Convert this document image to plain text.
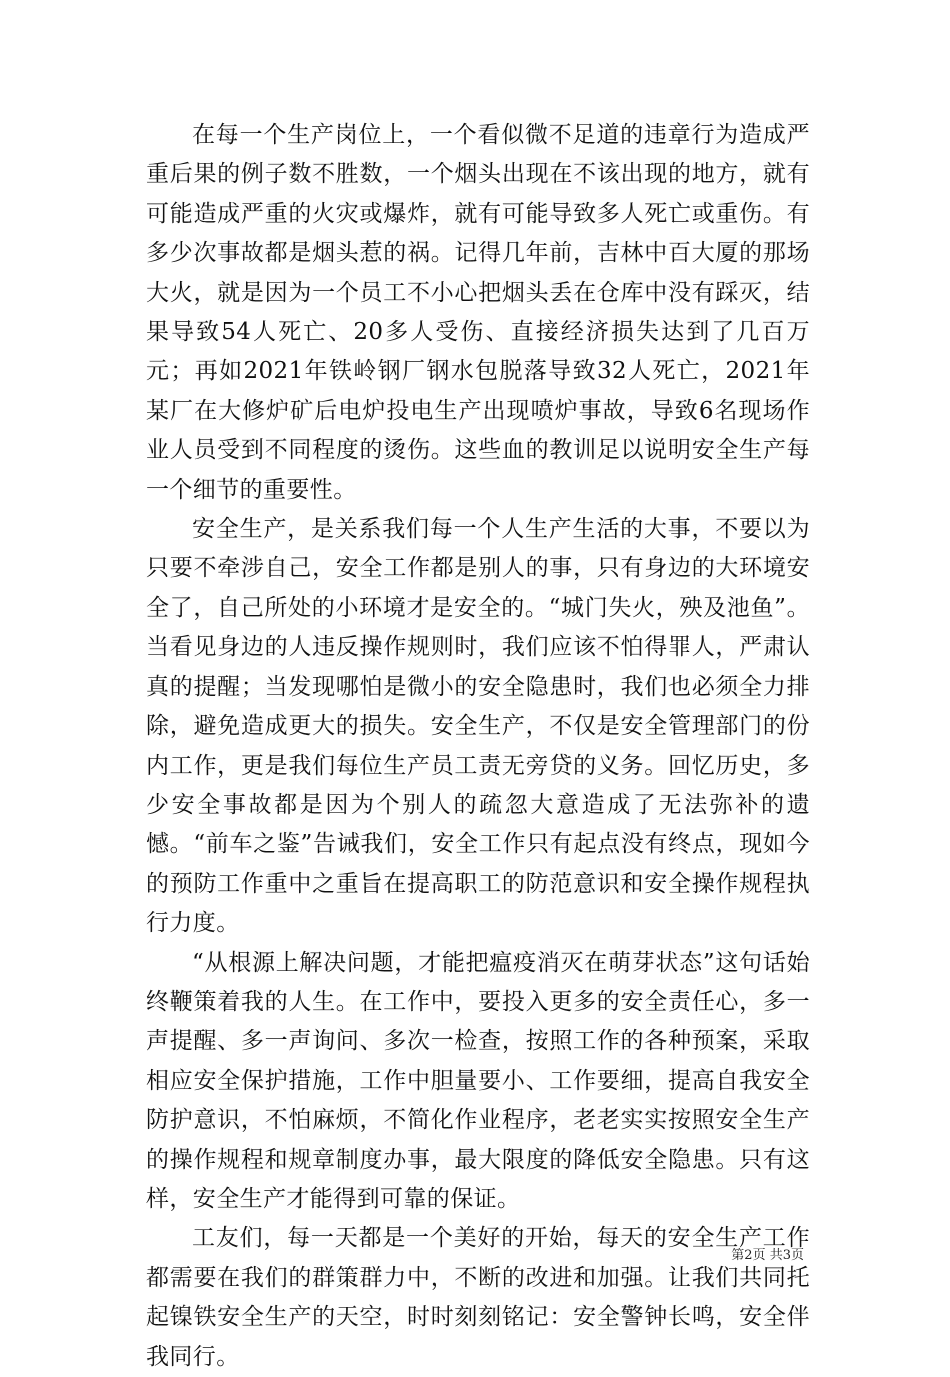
在每一个生产岗位上，一个看似微不足道的违章行为造成严重后果的例子数不胜数，一个烟头出现在不该出现的地方，就有可能造成严重的火灾或爆炸，就有可能导致多人死亡或重伤。有多少次事故都是烟头惹的祸。记得几年前，吉林中百大厦的那场大火，就是因为一个员工不小心把烟头丢在仓库中没有踩灭，结果导致54人死亡、20多人受伤、直接经济损失达到了几百万元；再如2021年铁岭钢厂钢水包脱落导致32人死亡，2021年某厂在大修炉矿后电炉投电生产出现喷炉事故，导致6名现场作业人员受到不同程度的烫伤。这些血的教训足以说明安全生产每一个细节的重要性。

安全生产，是关系我们每一个人生产生活的大事，不要以为只要不牵涉自己，安全工作都是别人的事，只有身边的大环境安全了，自己所处的小环境才是安全的。“城门失火，殃及池鱼”。当看见身边的人违反操作规则时，我们应该不怕得罪人，严肃认真的提醒；当发现哪怕是微小的安全隐患时，我们也必须全力排除，避免造成更大的损失。安全生产，不仅是安全管理部门的份内工作，更是我们每位生产员工责无旁贷的义务。回忆历史，多少安全事故都是因为个别人的疏忽大意造成了无法弥补的遗憾。“前车之鉴”告诫我们，安全工作只有起点没有终点，现如今的预防工作重中之重旨在提高职工的防范意识和安全操作规程执行力度。

“从根源上解决问题，才能把瘟疫消灭在萌芽状态”这句话始终鞭策着我的人生。在工作中，要投入更多的安全责任心，多一声提醒、多一声询问、多次一检查，按照工作的各种预案，采取相应安全保护措施，工作中胆量要小、工作要细，提高自我安全防护意识，不怕麻烦，不简化作业程序，老老实实按照安全生产的操作规程和规章制度办事，最大限度的降低安全隐患。只有这样，安全生产才能得到可靠的保证。

工友们，每一天都是一个美好的开始，每天的安全生产工作都需要在我们的群策群力中，不断的改进和加强。让我们共同托起镍铁安全生产的天空，时时刻刻铭记：安全警钟长鸣，安全伴我同行。

第2页 共3页
